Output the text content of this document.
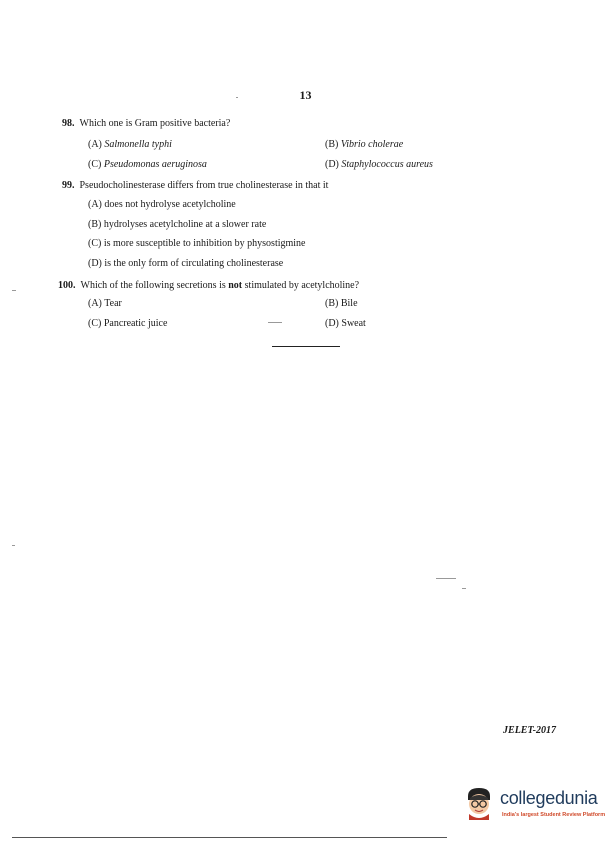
13
98. Which one is Gram positive bacteria?
(A) Salmonella typhi	(B) Vibrio cholerae
(C) Pseudomonas aeruginosa	(D) Staphylococcus aureus
99. Pseudocholinesterase differs from true cholinesterase in that it
(A) does not hydrolyse acetylcholine
(B) hydrolyses acetylcholine at a slower rate
(C) is more susceptible to inhibition by physostigmine
(D) is the only form of circulating cholinesterase
100. Which of the following secretions is not stimulated by acetylcholine?
(A) Tear	(B) Bile
(C) Pancreatic juice	(D) Sweat
JELET-2017
collegedunia
India's largest Student Review Platform
